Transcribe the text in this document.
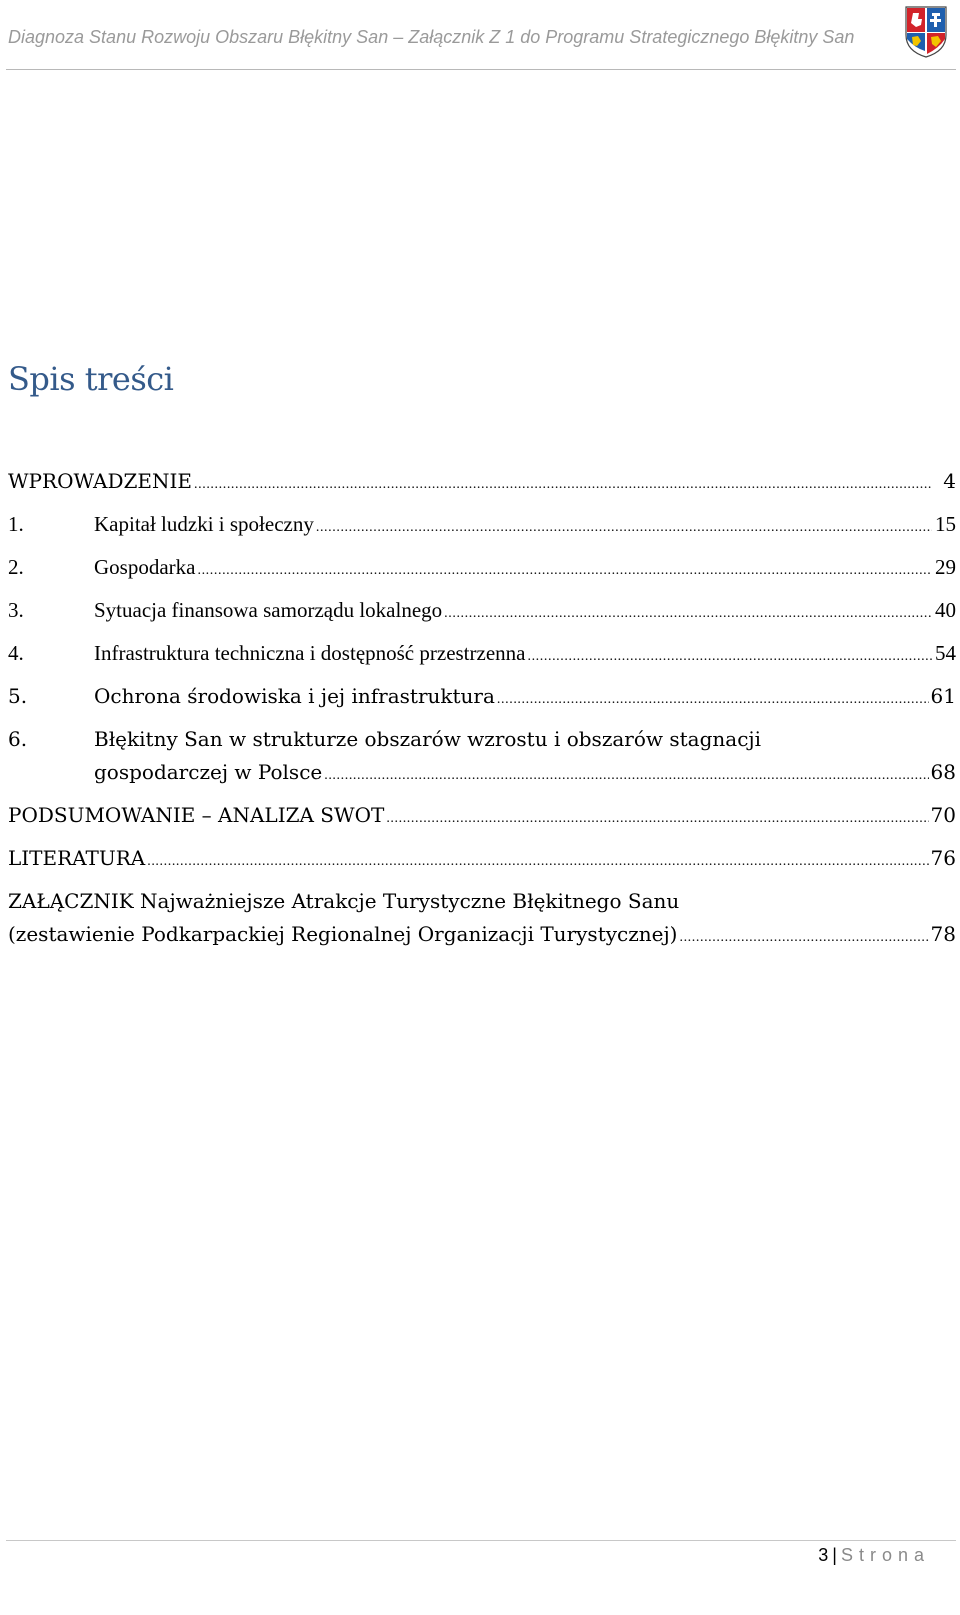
Diagnoza Stanu Rozwoju Obszaru Błękitny San – Załącznik Z 1 do Programu Strategicznego Błękitny San
Spis treści
WPROWADZENIE .....	4
1.	Kapitał ludzki i społeczny .....	15
2.	Gospodarka .....	29
3.	Sytuacja finansowa samorządu lokalnego .....	40
4.	Infrastruktura techniczna i dostępność przestrzenna .....	54
5.	Ochrona środowiska i jej infrastruktura .....	61
6.	Błękitny San w strukturze obszarów wzrostu i obszarów stagnacji
gospodarczej w Polsce .....	68
PODSUMOWANIE – ANALIZA SWOT .....	70
LITERATURA .....	76
ZAŁĄCZNIK Najważniejsze Atrakcje Turystyczne Błękitnego Sanu
(zestawienie Podkarpackiej Regionalnej Organizacji Turystycznej) .....	78
3 | Strona
